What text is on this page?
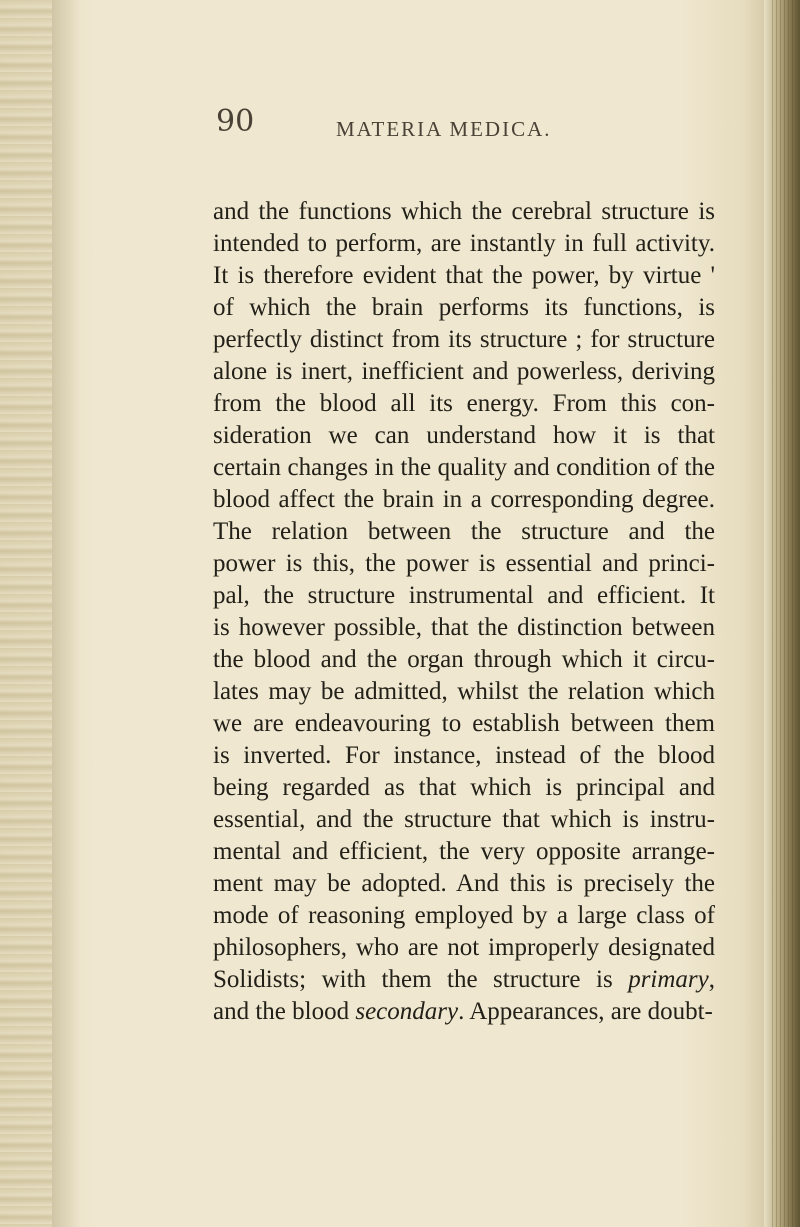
90	MATERIA MEDICA.

and the functions which the cerebral structure is
intended to perform, are instantly in full activity.
It is therefore evident that the power, by virtue '
of which the brain performs its functions, is
perfectly distinct from its structure ; for structure
alone is inert, inefficient and powerless, deriving
from the blood all its energy. From this con-
sideration we can understand how it is that
certain changes in the quality and condition of the
blood affect the brain in a corresponding degree.
The relation between the structure and the
power is this, the power is essential and princi-
pal, the structure instrumental and efficient. It
is however possible, that the distinction between
the blood and the organ through which it circu-
lates may be admitted, whilst the relation which
we are endeavouring to establish between them
is inverted. For instance, instead of the blood
being regarded as that which is principal and
essential, and the structure that which is instru-
mental and efficient, the very opposite arrange-
ment may be adopted. And this is precisely the
mode of reasoning employed by a large class of
philosophers, who are not improperly designated
Solidists; with them the structure is primary,
and the blood secondary. Appearances, are doubt-
